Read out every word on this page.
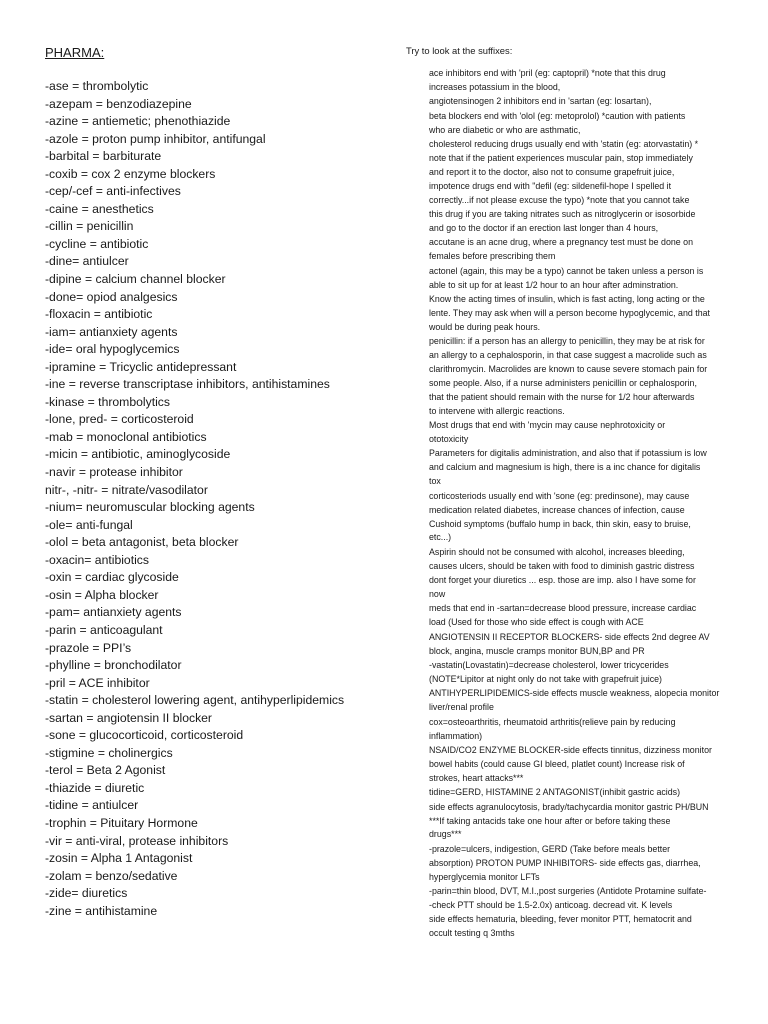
PHARMA:
-ase = thrombolytic
-azepam = benzodiazepine
-azine = antiemetic; phenothiazide
-azole = proton pump inhibitor, antifungal
-barbital = barbiturate
-coxib = cox 2 enzyme blockers
-cep/-cef = anti-infectives
-caine = anesthetics
-cillin = penicillin
-cycline = antibiotic
-dine= antiulcer
-dipine = calcium channel blocker
-done= opiod analgesics
-floxacin = antibiotic
-iam= antianxiety agents
-ide= oral hypoglycemics
-ipramine = Tricyclic antidepressant
-ine = reverse transcriptase inhibitors, antihistamines
-kinase = thrombolytics
-lone, pred- = corticosteroid
-mab = monoclonal antibiotics
-micin = antibiotic, aminoglycoside
-navir = protease inhibitor
nitr-, -nitr- = nitrate/vasodilator
-nium= neuromuscular blocking agents
-ole= anti-fungal
-olol = beta antagonist, beta blocker
-oxacin= antibiotics
-oxin = cardiac glycoside
-osin = Alpha blocker
-pam= antianxiety agents
-parin = anticoagulant
-prazole = PPI’s
-phylline = bronchodilator
-pril = ACE inhibitor
-statin = cholesterol lowering agent, antihyperlipidemics
-sartan = angiotensin II blocker
-sone = glucocorticoid, corticosteroid
-stigmine = cholinergics
-terol = Beta 2 Agonist
-thiazide = diuretic
-tidine = antiulcer
-trophin = Pituitary Hormone
-vir = anti-viral, protease inhibitors
-zosin = Alpha 1 Antagonist
-zolam = benzo/sedative
-zide= diuretics
-zine = antihistamine
Try to look at the suffixes:
ace inhibitors end with 'pril (eg: captopril) *note that this drug
increases potassium in the blood,
angiotensinogen 2 inhibitors end in 'sartan (eg: losartan),
beta blockers end with 'olol (eg: metoprolol) *caution with patients
who are diabetic or who are asthmatic,
cholesterol reducing drugs usually end with 'statin (eg: atorvastatin) *
note that if the patient experiences muscular pain, stop immediately
and report it to the doctor, also not to consume grapefruit juice,
impotence drugs end with "defil (eg: sildenefil-hope I spelled it
correctly...if not please excuse the typo) *note that you cannot take
this drug if you are taking nitrates such as nitroglycerin or isosorbide
and go to the doctor if an erection last longer than 4 hours,
accutane is an acne drug, where a pregnancy test must be done on
females before prescribing them
actonel (again, this may be a typo) cannot be taken unless a person is
able to sit up for at least 1/2 hour to an hour after adminstration.
Know the acting times of insulin, which is fast acting, long acting or the
lente. They may ask when will a person become hypoglycemic, and that
would be during peak hours.
penicillin: if a person has an allergy to penicillin, they may be at risk for
an allergy to a cephalosporin, in that case suggest a macrolide such as
clarithromycin. Macrolides are known to cause severe stomach pain for
some people. Also, if a nurse administers penicillin or cephalosporin,
that the patient should remain with the nurse for 1/2 hour afterwards
to intervene with allergic reactions.
Most drugs that end with 'mycin may cause nephrotoxicity or
ototoxicity
Parameters for digitalis administration, and also that if potassium is low
and calcium and magnesium is high, there is a inc chance for digitalis
tox
corticosteriods usually end with 'sone (eg: predinsone), may cause
medication related diabetes, increase chances of infection, cause
Cushoid symptoms (buffalo hump in back, thin skin, easy to bruise,
etc...)
Aspirin should not be consumed with alcohol, increases bleeding,
causes ulcers, should be taken with food to diminish gastric distress
dont forget your diuretics ... esp. those are imp. also I have some for
now
meds that end in -sartan=decrease blood pressure, increase cardiac
load (Used for those who side effect is cough with ACE
ANGIOTENSIN II RECEPTOR BLOCKERS- side effects 2nd degree AV
block, angina, muscle cramps monitor BUN,BP and PR
-vastatin(Lovastatin)=decrease cholesterol, lower tricycerides
(NOTE*Lipitor at night only do not take with grapefruit juice)
ANTIHYPERLIPIDEMICS-side effects muscle weakness, alopecia monitor
liver/renal profile
cox=osteoarthritis, rheumatoid arthritis(relieve pain by reducing
inflammation)
NSAID/CO2 ENZYME BLOCKER-side effects tinnitus, dizziness monitor
bowel habits (could cause GI bleed, platlet count) Increase risk of
strokes, heart attacks***
tidine=GERD, HISTAMINE 2 ANTAGONIST(inhibit gastric acids)
side effects agranulocytosis, brady/tachycardia monitor gastric PH/BUN
***If taking antacids take one hour after or before taking these
drugs***
-prazole=ulcers, indigestion, GERD (Take before meals better
absorption) PROTON PUMP INHIBITORS- side effects gas, diarrhea,
hyperglycemia monitor LFTs
-parin=thin blood, DVT, M.I.,post surgeries (Antidote Protamine sulfate-
-check PTT should be 1.5-2.0x) anticoag. decread vit. K levels
side effects hematuria, bleeding, fever monitor PTT, hematocrit and
occult testing q 3mths
